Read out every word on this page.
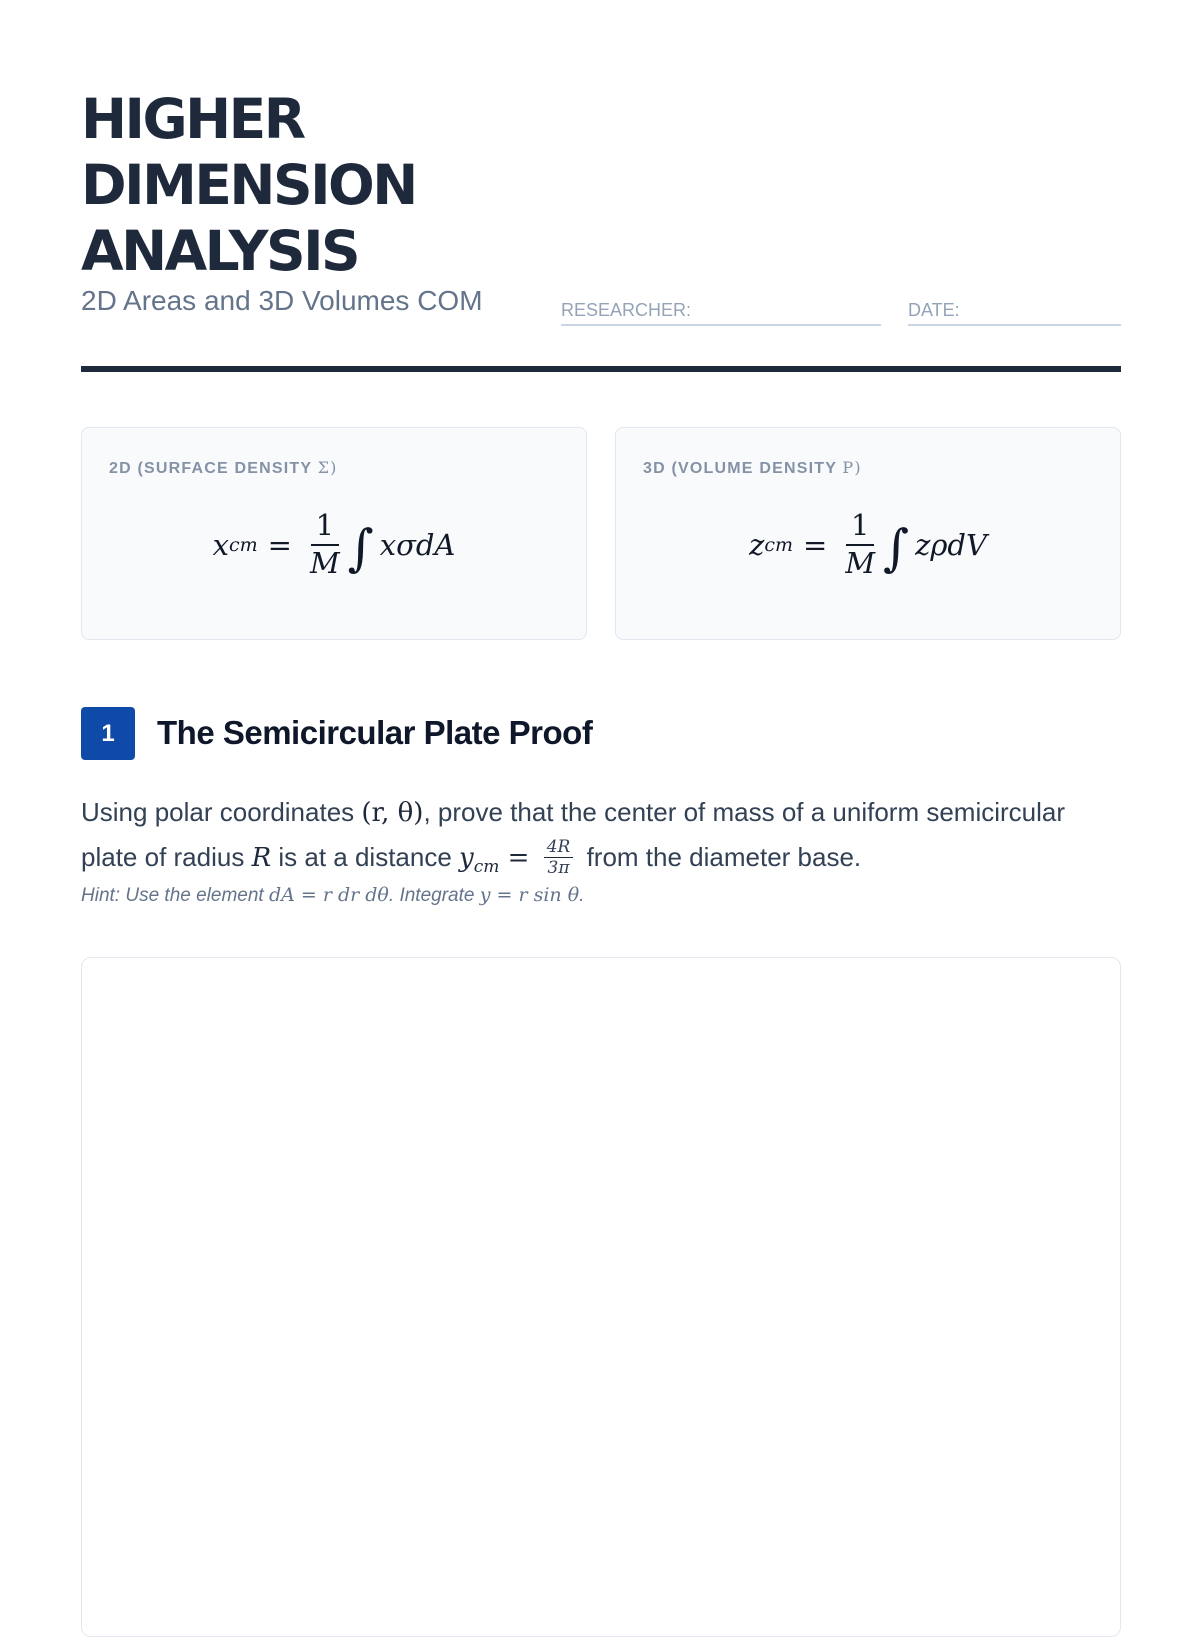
HIGHER DIMENSION ANALYSIS
2D Areas and 3D Volumes COM	RESEARCHER:	DATE:
2D (SURFACE DENSITY Σ)
x cm = $\frac{1}{M}$ ∫ xσdA
3D (VOLUME DENSITY P)
z cm = $\frac{1}{M}$ ∫ zρdV
1	The Semicircular Plate Proof

Using polar coordinates (r, θ), prove that the center of mass of a uniform semicircular plate of radius R is at a distance $y_{cm} = \frac{4R}{3\pi}$ from the diameter base.

Hint: Use the element dA = r dr dθ. Integrate y = r sin θ.
